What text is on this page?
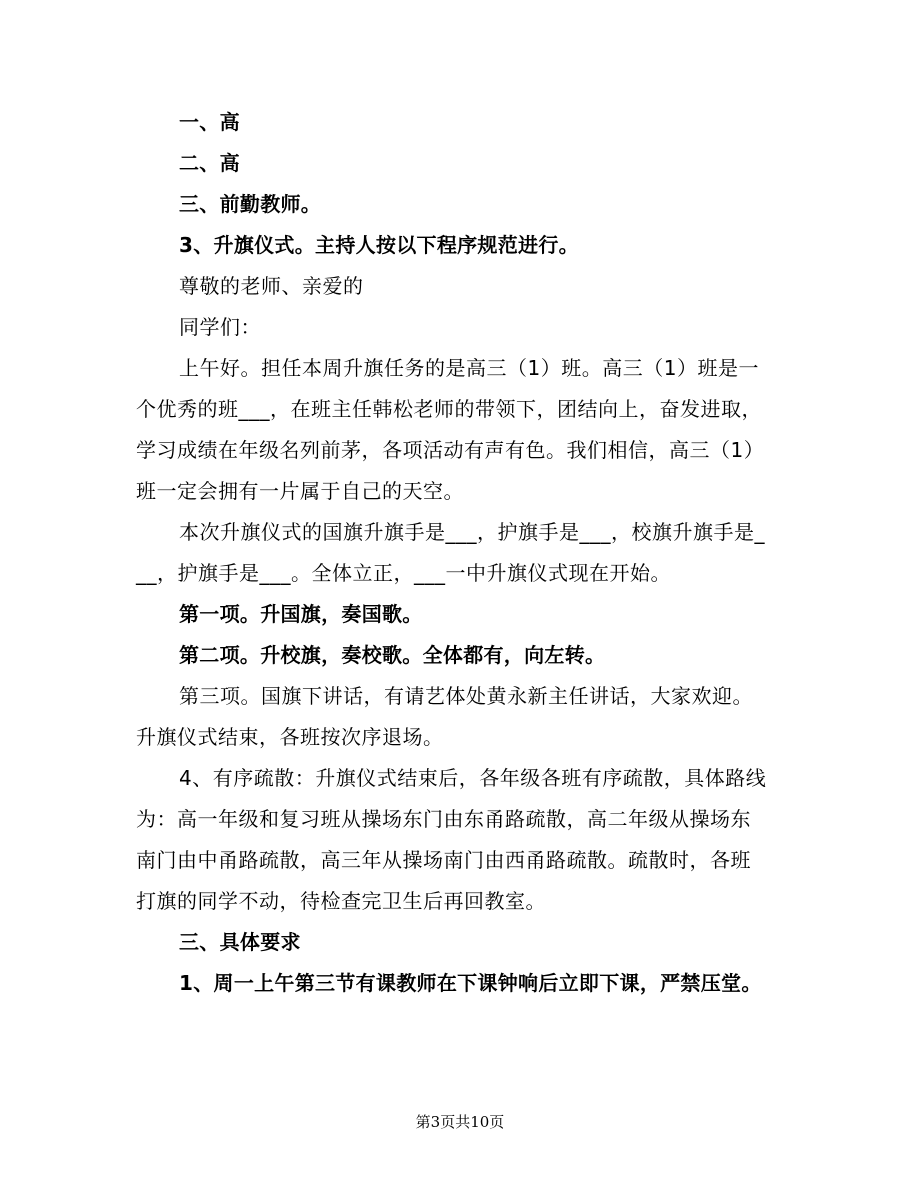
一、高
二、高
三、前勤教师。
3、升旗仪式。主持人按以下程序规范进行。
尊敬的老师、亲爱的
同学们：
上午好。担任本周升旗任务的是高三（1）班。高三（1）班是一
个优秀的班___，在班主任韩松老师的带领下，团结向上，奋发进取，
学习成绩在年级名列前茅，各项活动有声有色。我们相信，高三（1）
班一定会拥有一片属于自己的天空。
本次升旗仪式的国旗升旗手是___，护旗手是___，校旗升旗手是_
__，护旗手是___。全体立正，___一中升旗仪式现在开始。
第一项。升国旗，奏国歌。
第二项。升校旗，奏校歌。全体都有，向左转。
第三项。国旗下讲话，有请艺体处黄永新主任讲话，大家欢迎。
升旗仪式结束，各班按次序退场。
4、有序疏散：升旗仪式结束后，各年级各班有序疏散，具体路线
为：高一年级和复习班从操场东门由东甬路疏散，高二年级从操场东
南门由中甬路疏散，高三年从操场南门由西甬路疏散。疏散时，各班
打旗的同学不动，待检查完卫生后再回教室。
三、具体要求
1、周一上午第三节有课教师在下课钟响后立即下课，严禁压堂。
第3页共10页
